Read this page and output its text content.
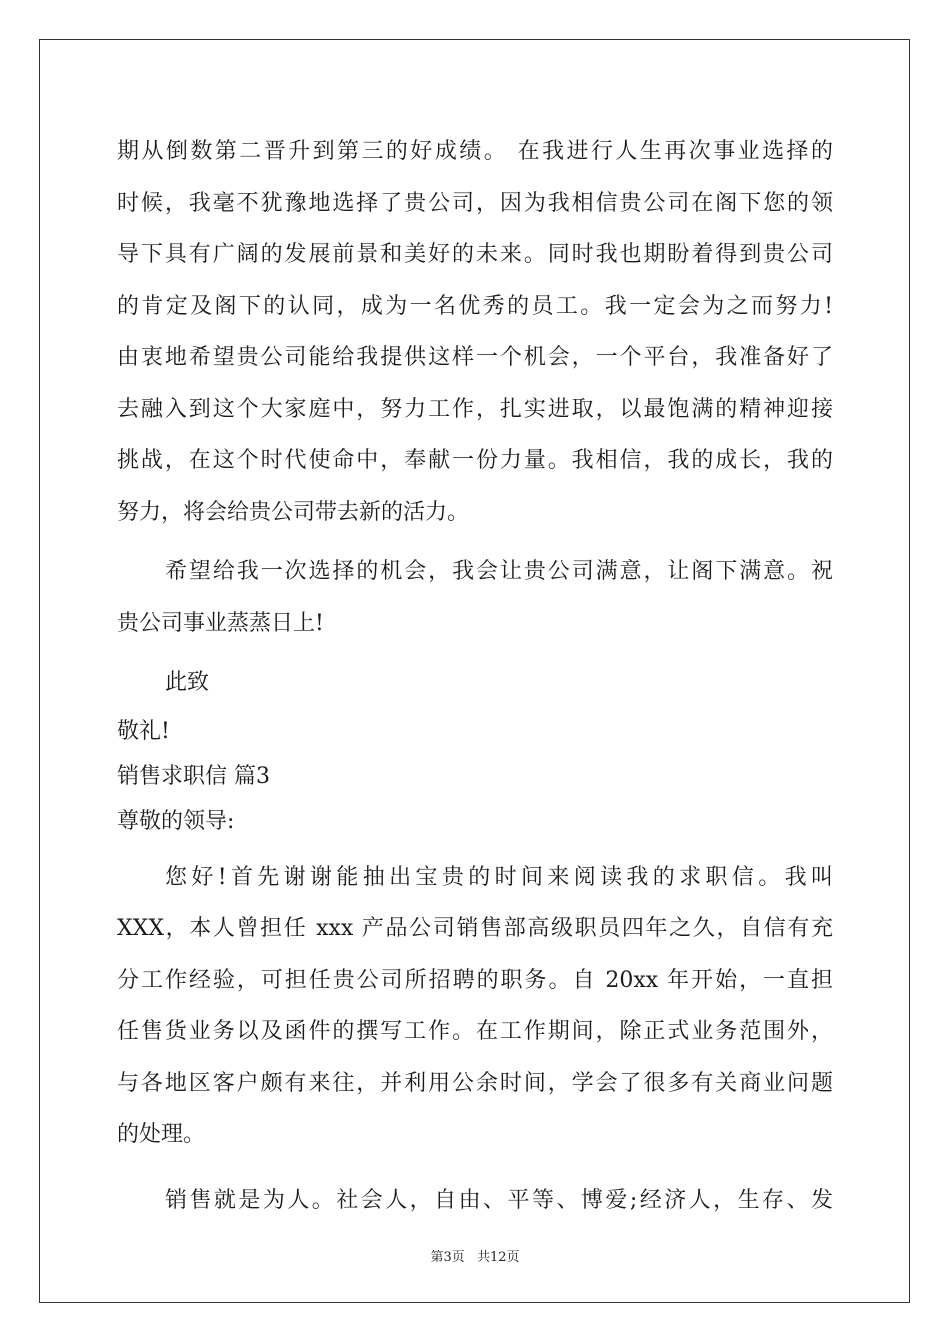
期从倒数第二晋升到第三的好成绩。 在我进行人生再次事业选择的
时候，我毫不犹豫地选择了贵公司，因为我相信贵公司在阁下您的领
导下具有广阔的发展前景和美好的未来。同时我也期盼着得到贵公司
的肯定及阁下的认同，成为一名优秀的员工。我一定会为之而努力!
由衷地希望贵公司能给我提供这样一个机会，一个平台，我准备好了
去融入到这个大家庭中，努力工作，扎实进取，以最饱满的精神迎接
挑战，在这个时代使命中，奉献一份力量。我相信，我的成长，我的
努力，将会给贵公司带去新的活力。
希望给我一次选择的机会，我会让贵公司满意，让阁下满意。祝
贵公司事业蒸蒸日上!
此致
敬礼!
销售求职信 篇3
尊敬的领导:
您好!首先谢谢能抽出宝贵的时间来阅读我的求职信。我叫
XXX，本人曾担任 xxx 产品公司销售部高级职员四年之久，自信有充
分工作经验，可担任贵公司所招聘的职务。自 20xx 年开始，一直担
任售货业务以及函件的撰写工作。在工作期间，除正式业务范围外，
与各地区客户颇有来往，并利用公余时间，学会了很多有关商业问题
的处理。
销售就是为人。社会人，自由、平等、博爱;经济人，生存、发
第3页 共12页
